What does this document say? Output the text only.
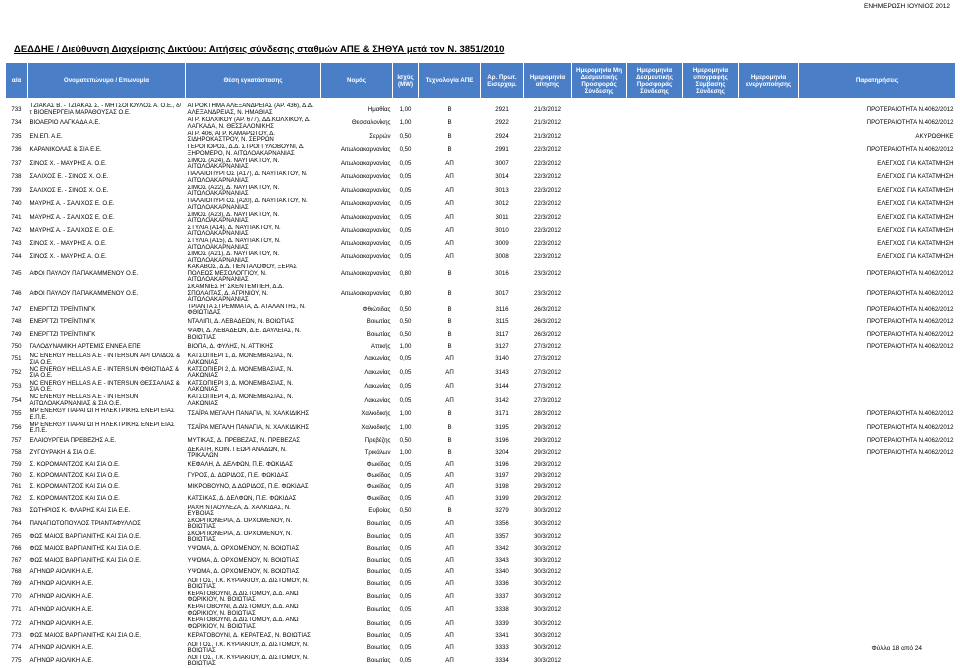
ΕΝΗΜΕΡΩΣΗ ΙΟΥΝΙΟΣ 2012
ΔΕΔΔΗΕ / Διεύθυνση Διαχείρισης Δικτύου: Αιτήσεις σύνδεσης σταθμών ΑΠΕ & ΣΗΘΥΑ μετά τον Ν. 3851/2010
α/α	Ονοματεπώνυμο / Επωνυμία	Θέση εγκατάστασης	Νομός	Ισχύς (MW)	Τεχνολογία ΑΠΕ	Αρ. Πρωτ. Εισερχομ.	Ημερομηνία αίτησης	Ημερομηνία Μη Δεσμευτικής Προσφοράς Σύνδεσης	Ημερομηνία Δεσμευτικής Προσφοράς Σύνδεσης	Ημερομηνία υπογραφής Σύμβασης Σύνδεσης	Ημερομηνία ενεργοποίησης	Παρατηρήσεις

733	ΤΖΙΑΚΑΣ Β. - ΤΖΙΑΚΑΣ Σ. - ΜΗΤΣΟΠΟΥΛΟΣ Α. Ο.Ε., δ/τ ΒΙΟΕΝΕΡΓΕΙΑ ΜΑΡΑΘΟΥΣΑΣ Ο.Ε.	ΑΓΡΟΚΤΗΜΑ ΑΛΕΞΑΝΔΡΕΙΑΣ (ΑΡ. 436), Δ.Δ. ΑΛΕΞΑΝΔΡΕΙΑΣ, Ν. ΗΜΑΘΙΑΣ	Ημαθίας	1,00	Β	2921	21/3/2012					ΠΡΟΤΕΡΑΙΟΤΗΤΑ Ν.4062/2012
734	ΒΙΟΑΕΡΙΟ ΛΑΓΚΑΔΑ Α.Ε.	ΑΓΡ. ΚΟΛΧΙΚΟΥ (ΑΡ. 677), ΔΔ.ΚΟΛΧΙΚΟΥ, Δ. ΛΑΓΚΑΔΑ, Ν. ΘΕΣΣΑΛΟΝΙΚΗΣ	Θεσσαλονίκης	1,00	Β	2922	21/3/2012					ΠΡΟΤΕΡΑΙΟΤΗΤΑ Ν.4062/2012
735	ΕΝ.ΕΠ. Α.Ε.	ΑΓΡ. 406, ΑΓΡ. ΚΑΜΑΡΩΤΟΥ, Δ. ΣΙΔΗΡΟΚΑΣΤΡΟΥ, Ν. ΣΕΡΡΩΝ	Σερρών	0,50	Β	2924	21/3/2012					ΑΚΥΡΩΘΗΚΕ
736	ΚΑΡΑΝΙΚΟΛΑΣ & ΣΙΑ Ε.Ε.	ΓΕΡΟΠΟΡΟΣ, Δ.Δ. ΣΤΡΟΓΓΥΛΟΒΟΥΝΙ, Δ. ΞΗΡΟΜΕΡΟ, Ν. ΑΙΤΩΛΟΑΚΑΡΝΑΝΙΑΣ	Αιτωλοακαρνανίας	0,50	Β	2991	22/3/2012					ΠΡΟΤΕΡΑΙΟΤΗΤΑ Ν.4062/2012
737	ΣΙΝΟΣ Χ. - ΜΑΥΡΗΣ Α. Ο.Ε.	ΣΙΜΟΣ (Α24), Δ. ΝΑΥΠΑΚΤΟΥ, Ν. ΑΙΤΩΛΟΑΚΑΡΝΑΝΙΑΣ	Αιτωλοακαρνανίας	0,05	ΑΠ	3007	22/3/2012					ΕΛΕΓΧΟΣ ΓΙΑ ΚΑΤΑΤΜΗΣΗ
738	ΣΑΛΙΧΟΣ Ε. - ΣΙΝΟΣ Χ. Ο.Ε.	ΠΑΛΑΙΟΠΥΡΓΟΣ (Α17), Δ. ΝΑΥΠΑΚΤΟΥ, Ν. ΑΙΤΩΛΟΑΚΑΡΝΑΝΙΑΣ	Αιτωλοακαρνανίας	0,05	ΑΠ	3014	22/3/2012					ΕΛΕΓΧΟΣ ΓΙΑ ΚΑΤΑΤΜΗΣΗ
739	ΣΑΛΙΧΟΣ Ε. - ΣΙΝΟΣ Χ. Ο.Ε.	ΣΙΜΟΣ (Α22), Δ. ΝΑΥΠΑΚΤΟΥ, Ν. ΑΙΤΩΛΟΑΚΑΡΝΑΝΙΑΣ	Αιτωλοακαρνανίας	0,05	ΑΠ	3013	22/3/2012					ΕΛΕΓΧΟΣ ΓΙΑ ΚΑΤΑΤΜΗΣΗ
740	ΜΑΥΡΗΣ Α. - ΣΑΛΙΧΟΣ Ε. Ο.Ε.	ΠΑΛΑΙΟΠΥΡΓΟΣ (Α20), Δ. ΝΑΥΠΑΚΤΟΥ, Ν. ΑΙΤΩΛΟΑΚΑΡΝΑΝΙΑΣ	Αιτωλοακαρνανίας	0,05	ΑΠ	3012	22/3/2012					ΕΛΕΓΧΟΣ ΓΙΑ ΚΑΤΑΤΜΗΣΗ
741	ΜΑΥΡΗΣ Α. - ΣΑΛΙΧΟΣ Ε. Ο.Ε.	ΣΙΜΟΣ (Α23), Δ. ΝΑΥΠΑΚΤΟΥ, Ν. ΑΙΤΩΛΟΑΚΑΡΝΑΝΙΑΣ	Αιτωλοακαρνανίας	0,05	ΑΠ	3011	22/3/2012					ΕΛΕΓΧΟΣ ΓΙΑ ΚΑΤΑΤΜΗΣΗ
742	ΜΑΥΡΗΣ Α. - ΣΑΛΙΧΟΣ Ε. Ο.Ε.	ΣΤΥΛΙΑ (Α14), Δ. ΝΑΥΠΑΚΤΟΥ, Ν. ΑΙΤΩΛΟΑΚΑΡΝΑΝΙΑΣ	Αιτωλοακαρνανίας	0,05	ΑΠ	3010	22/3/2012					ΕΛΕΓΧΟΣ ΓΙΑ ΚΑΤΑΤΜΗΣΗ
743	ΣΙΝΟΣ Χ. - ΜΑΥΡΗΣ Α. Ο.Ε.	ΣΤΥΛΙΑ (Α15), Δ. ΝΑΥΠΑΚΤΟΥ, Ν. ΑΙΤΩΛΟΑΚΑΡΝΑΝΙΑΣ	Αιτωλοακαρνανίας	0,05	ΑΠ	3009	22/3/2012					ΕΛΕΓΧΟΣ ΓΙΑ ΚΑΤΑΤΜΗΣΗ
744	ΣΙΝΟΣ Χ. - ΜΑΥΡΗΣ Α. Ο.Ε.	ΣΙΜΟΣ (Α21), Δ. ΝΑΥΠΑΚΤΟΥ, Ν. ΑΙΤΩΛΟΑΚΑΡΝΑΝΙΑΣ	Αιτωλοακαρνανίας	0,05	ΑΠ	3008	22/3/2012					ΕΛΕΓΧΟΣ ΓΙΑ ΚΑΤΑΤΜΗΣΗ
745	ΑΦΟΙ ΠΑΥΛΟΥ ΠΑΠΑΚΑΜΜΕΝΟΥ Ο.Ε.	ΚΑΚΑΒΟΣ, Δ.Δ. ΠΕΝΤΑΛΟΦΟΥ, ΞΕΡΑΣ ΠΟΛΕΩΣ ΜΕΣΟΛΟΓΓΙΟΥ, Ν. ΑΙΤΩΛΟΑΚΑΡΝΑΝΙΑΣ	Αιτωλοακαρνανίας	0,80	Β	3016	23/3/2012					ΠΡΟΤΕΡΑΙΟΤΗΤΑ Ν.4062/2012
746	ΑΦΟΙ ΠΑΥΛΟΥ ΠΑΠΑΚΑΜΜΕΝΟΥ Ο.Ε.	ΣΚΑΜΝΙΕΣ Η' ΣΚΕΝΤΕΜΠΕΗ, Δ.Δ. ΣΠΟΛΑΙΤΑΣ, Δ. ΑΓΡΙΝΙΟΥ, Ν. ΑΙΤΩΛΟΑΚΑΡΝΑΝΙΑΣ	Αιτωλοακαρνανίας	0,80	Β	3017	23/3/2012					ΠΡΟΤΕΡΑΙΟΤΗΤΑ Ν.4062/2012
747	ΕΝΕΡΓΤΖΙ ΤΡΕΪΝΤΙΝΓΚ	ΤΡΙΑΝΤΑ ΣΤΡΕΜΜΑΤΑ, Δ. ΑΤΑΛΑΝΤΗΣ, Ν. ΦΘΙΩΤΙΔΑΣ	Φθιώτιδας	0,50	Β	3116	26/3/2012					ΠΡΟΤΕΡΑΙΟΤΗΤΑ Ν.4062/2012
748	ΕΝΕΡΓΤΖΙ ΤΡΕΪΝΤΙΝΓΚ	ΝΤΑΛΙΠΙ, Δ. ΛΕΒΑΔΕΩΝ, Ν. ΒΟΙΩΤΙΑΣ	Βοιωτίας	0,50	Β	3115	26/3/2012					ΠΡΟΤΕΡΑΙΟΤΗΤΑ Ν.4062/2012
749	ΕΝΕΡΓΤΖΙ ΤΡΕΪΝΤΙΝΓΚ	ΨΑΦΙ, Δ. ΛΕΒΑΔΕΩΝ, Δ.Ε. ΔΑΥΛΕΙΑΣ, Ν. ΒΟΙΩΤΙΑΣ	Βοιωτίας	0,50	Β	3117	26/3/2012					ΠΡΟΤΕΡΑΙΟΤΗΤΑ Ν.4062/2012
750	ΓΑΛΟΔΥΝΑΜΙΚΗ ΑΡΤΕΜΙΣ ΕΝΝΕΑ ΕΠΕ	ΒΙΟΠΑ, Δ. ΦΥΛΗΣ, Ν. ΑΤΤΙΚΗΣ	Αττικής	1,00	Β	3127	27/3/2012					ΠΡΟΤΕΡΑΙΟΤΗΤΑ Ν.4062/2012
751	NC ENERGY HELLAS A.E - INTERSUN ΑΡΓΟΛΙΔΟΣ & ΣΙΑ Ο.Ε.	ΚΑΤΣΟΠΙΕΡΙ 1, Δ. ΜΟΝΕΜΒΑΣΙΑΣ, Ν. ΛΑΚΩΝΙΑΣ	Λακωνίας	0,05	ΑΠ	3140	27/3/2012					
752	NC ENERGY HELLAS A.E - INTERSUN ΦΘΙΩΤΙΔΑΣ & ΣΙΑ Ο.Ε.	ΚΑΤΣΟΠΙΕΡΙ 2, Δ. ΜΟΝΕΜΒΑΣΙΑΣ, Ν. ΛΑΚΩΝΙΑΣ	Λακωνίας	0,05	ΑΠ	3143	27/3/2012					
753	NC ENERGY HELLAS A.E - INTERSUN ΘΕΣΣΑΛΙΑΣ & ΣΙΑ Ο.Ε.	ΚΑΤΣΟΠΙΕΡΙ 3, Δ. ΜΟΝΕΜΒΑΣΙΑΣ, Ν. ΛΑΚΩΝΙΑΣ	Λακωνίας	0,05	ΑΠ	3144	27/3/2012					
754	NC ENERGY HELLAS A.E - INTERSUN ΑΙΤΩΛΟΑΚΑΡΝΑΝΙΑΣ & ΣΙΑ Ο.Ε.	ΚΑΤΣΟΠΙΕΡΙ 4, Δ. ΜΟΝΕΜΒΑΣΙΑΣ, Ν. ΛΑΚΩΝΙΑΣ	Λακωνίας	0,05	ΑΠ	3142	27/3/2012					
755	MP ENERGY ΠΑΡΑΓΩΓΗ ΗΛΕΚΤΡΙΚΗΣ ΕΝΕΡΓΕΙΑΣ Ε.Π.Ε.	ΤΣΑΪΡΑ ΜΕΓΑΛΗ ΠΑΝΑΓΙΑ, Ν. ΧΑΛΚΙΔΙΚΗΣ	Χαλκιδικής	1,00	Β	3171	28/3/2012					ΠΡΟΤΕΡΑΙΟΤΗΤΑ Ν.4062/2012
756	MP ENERGY ΠΑΡΑΓΩΓΗ ΗΛΕΚΤΡΙΚΗΣ ΕΝΕΡΓΕΙΑΣ Ε.Π.Ε.	ΤΣΑΪΡΑ ΜΕΓΑΛΗ ΠΑΝΑΓΙΑ, Ν. ΧΑΛΚΙΔΙΚΗΣ	Χαλκιδικής	1,00	Β	3195	29/3/2012					ΠΡΟΤΕΡΑΙΟΤΗΤΑ Ν.4062/2012
757	ΕΛΑΙΟΥΡΓΕΙΑ ΠΡΕΒΕΖΗΣ Α.Ε.	ΜΥΤΙΚΑΣ, Δ. ΠΡΕΒΕΖΑΣ, Ν. ΠΡΕΒΕΖΑΣ	Πρεβέζης	0,50	Β	3196	29/3/2012					ΠΡΟΤΕΡΑΙΟΤΗΤΑ Ν.4062/2012
758	ΖΥΓΟΥΡΑΚΗ & ΣΙΑ Ο.Ε.	ΔΕΚΑΤΗ, ΚΟΙΝ. ΓΕΩΡΓΑΝΑΔΩΝ, Ν. ΤΡΙΚΑΛΩΝ	Τρικάλων	1,00	Β	3204	29/3/2012					ΠΡΟΤΕΡΑΙΟΤΗΤΑ Ν.4062/2012
759	Σ. ΚΟΡΟΜΑΝΤΖΟΣ ΚΑΙ ΣΙΑ Ο.Ε.	ΚΕΦΑΛΗ, Δ. ΔΕΛΦΩΝ, Π.Ε. ΦΩΚΙΔΑΣ	Φωκίδας	0,05	ΑΠ	3196	29/3/2012					
760	Σ. ΚΟΡΟΜΑΝΤΖΟΣ ΚΑΙ ΣΙΑ Ο.Ε.	ΓΥΡΟΣ, Δ. ΔΩΡΙΔΟΣ, Π.Ε. ΦΩΚΙΔΑΣ	Φωκίδας	0,05	ΑΠ	3197	29/3/2012					
761	Σ. ΚΟΡΟΜΑΝΤΖΟΣ ΚΑΙ ΣΙΑ Ο.Ε.	ΜΙΚΡΟΒΟΥΝΟ, Δ.ΔΩΡΙΔΟΣ, Π.Ε. ΦΩΚΙΔΑΣ	Φωκίδας	0,05	ΑΠ	3198	29/3/2012					
762	Σ. ΚΟΡΟΜΑΝΤΖΟΣ ΚΑΙ ΣΙΑ Ο.Ε.	ΚΑΤΣΙΚΑΣ, Δ. ΔΕΛΦΩΝ, Π.Ε. ΦΩΚΙΔΑΣ	Φωκίδας	0,05	ΑΠ	3199	29/3/2012					
763	ΣΩΤΗΡΙΟΣ Κ. ΦΛΑΡΗΣ ΚΑΙ ΣΙΑ Ε.Ε.	ΡΑΧΗ ΝΤΑΟΥΛΕΖΑ, Δ. ΧΑΛΚΙΔΑΣ, Ν. ΕΥΒΟΙΑΣ	Ευβοίας	0,50	Β	3279	30/3/2012					
764	ΠΑΝΑΓΙΩΤΟΠΟΥΛΟΣ ΤΡΙΑΝΤΑΦΥΛΛΟΣ	ΣΚΟΡΠΙΟΝΕΡΙΑ, Δ. ΟΡΧΟΜΕΝΟΥ, Ν. ΒΟΙΩΤΙΑΣ	Βοιωτίας	0,05	ΑΠ	3356	30/3/2012					
765	ΦΩΣ ΜΑΙΟΣ ΒΑΡΓΙΑΝΙΤΗΣ ΚΑΙ ΣΙΑ Ο.Ε.	ΣΚΟΡΠΙΟΝΕΡΙΑ, Δ. ΟΡΧΟΜΕΝΟΥ, Ν. ΒΟΙΩΤΙΑΣ	Βοιωτίας	0,05	ΑΠ	3357	30/3/2012					
766	ΦΩΣ ΜΑΙΟΣ ΒΑΡΓΙΑΝΙΤΗΣ ΚΑΙ ΣΙΑ Ο.Ε.	ΥΨΩΜΑ, Δ. ΟΡΧΟΜΕΝΟΥ, Ν. ΒΟΙΩΤΙΑΣ	Βοιωτίας	0,05	ΑΠ	3342	30/3/2012					
767	ΦΩΣ ΜΑΙΟΣ ΒΑΡΓΙΑΝΙΤΗΣ ΚΑΙ ΣΙΑ Ο.Ε.	ΥΨΩΜΑ, Δ. ΟΡΧΟΜΕΝΟΥ, Ν. ΒΟΙΩΤΙΑΣ	Βοιωτίας	0,05	ΑΠ	3343	30/3/2012					
768	ΑΓΗΝΩΡ ΑΙΟΛΙΚΗ Α.Ε.	ΥΨΩΜΑ, Δ. ΟΡΧΟΜΕΝΟΥ, Ν. ΒΟΙΩΤΙΑΣ	Βοιωτίας	0,05	ΑΠ	3340	30/3/2012					
769	ΑΓΗΝΩΡ ΑΙΟΛΙΚΗ Α.Ε.	ΛΟΓΓΟΣ, Τ.Κ. ΚΥΡΙΑΚΙΟΥ, Δ. ΔΙΣΤΟΜΟΥ, Ν. ΒΟΙΩΤΙΑΣ	Βοιωτίας	0,05	ΑΠ	3336	30/3/2012					
770	ΑΓΗΝΩΡ ΑΙΟΛΙΚΗ Α.Ε.	ΚΕΡΑΤΟΒΟΥΝΙ, Δ.ΔΙΣΤΟΜΟΥ, Δ.Δ. ΑΝΩ ΦΩΡΙΚΙΟΥ, Ν. ΒΟΙΩΤΙΑΣ	Βοιωτίας	0,05	ΑΠ	3337	30/3/2012					
771	ΑΓΗΝΩΡ ΑΙΟΛΙΚΗ Α.Ε.	ΚΕΡΑΤΟΒΟΥΝΙ, Δ.ΔΙΣΤΟΜΟΥ, Δ.Δ. ΑΝΩ ΦΩΡΙΚΙΟΥ, Ν. ΒΟΙΩΤΙΑΣ	Βοιωτίας	0,05	ΑΠ	3338	30/3/2012					
772	ΑΓΗΝΩΡ ΑΙΟΛΙΚΗ Α.Ε.	ΚΕΡΑΤΟΒΟΥΝΙ, Δ.ΔΙΣΤΟΜΟΥ, Δ.Δ. ΑΝΩ ΦΩΡΙΚΙΟΥ, Ν. ΒΟΙΩΤΙΑΣ	Βοιωτίας	0,05	ΑΠ	3339	30/3/2012					
773	ΦΩΣ ΜΑΙΟΣ ΒΑΡΓΙΑΝΙΤΗΣ ΚΑΙ ΣΙΑ Ο.Ε.	ΚΕΡΑΤΟΒΟΥΝΙ, Δ. ΚΕΡΑΤΕΑΣ, Ν. ΒΟΙΩΤΙΑΣ	Βοιωτίας	0,05	ΑΠ	3341	30/3/2012					
774	ΑΓΗΝΩΡ ΑΙΟΛΙΚΗ Α.Ε.	ΛΟΓΓΟΣ, Τ.Κ. ΚΥΡΙΑΚΙΟΥ, Δ. ΔΙΣΤΟΜΟΥ, Ν. ΒΟΙΩΤΙΑΣ	Βοιωτίας	0,05	ΑΠ	3333	30/3/2012					
775	ΑΓΗΝΩΡ ΑΙΟΛΙΚΗ Α.Ε.	ΛΟΓΓΟΣ, Τ.Κ. ΚΥΡΙΑΚΙΟΥ, Δ. ΔΙΣΤΟΜΟΥ, Ν. ΒΟΙΩΤΙΑΣ	Βοιωτίας	0,05	ΑΠ	3334	30/3/2012					
Φύλλο 18 από 24
